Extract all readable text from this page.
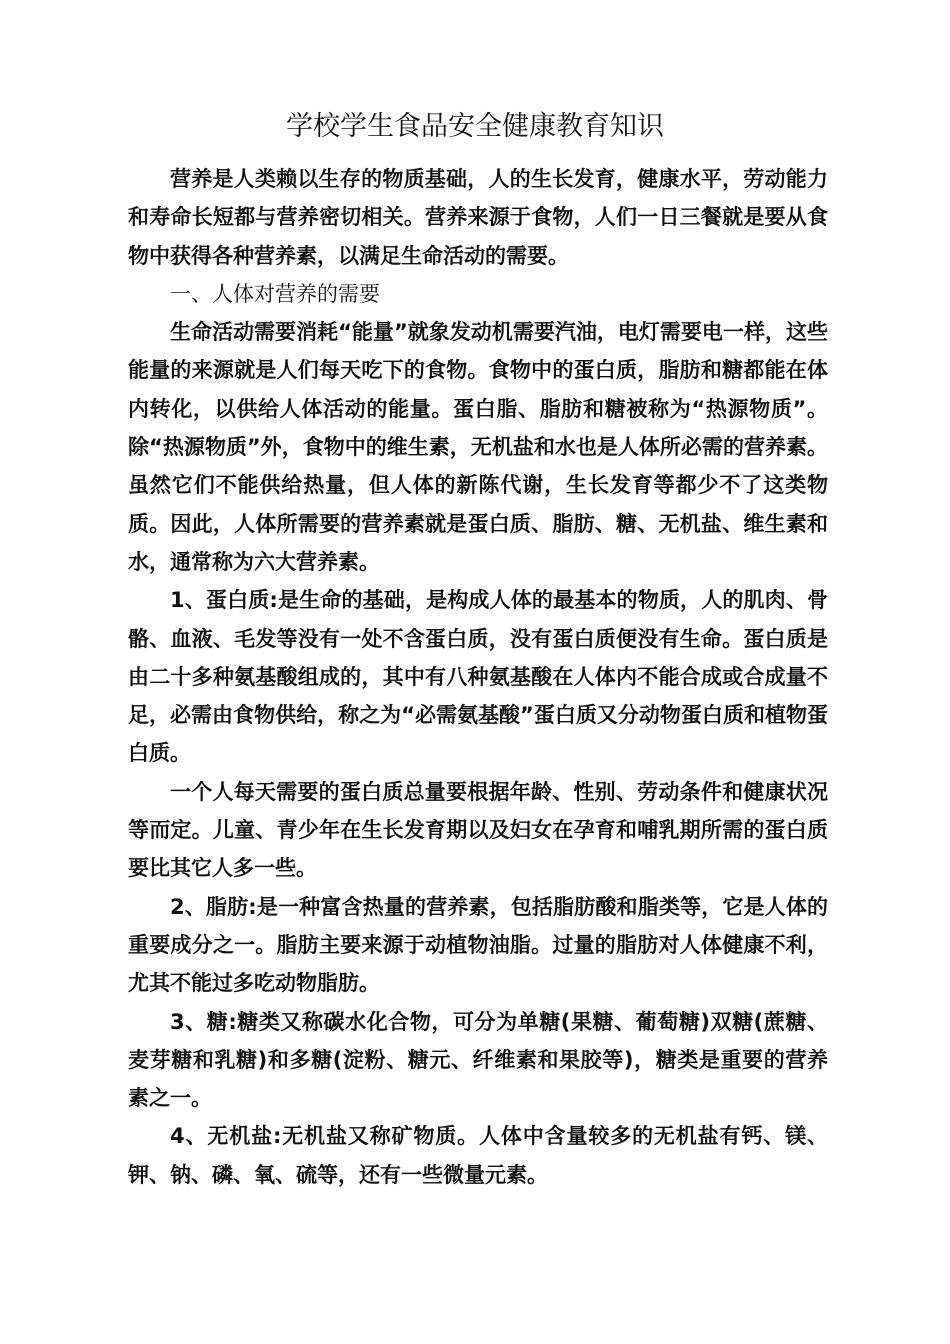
学校学生食品安全健康教育知识

营养是人类赖以生存的物质基础，人的生长发育，健康水平，劳动能力和寿命长短都与营养密切相关。营养来源于食物，人们一日三餐就是要从食物中获得各种营养素，以满足生命活动的需要。

一、人体对营养的需要

生命活动需要消耗“能量”就象发动机需要汽油，电灯需要电一样，这些能量的来源就是人们每天吃下的食物。食物中的蛋白质，脂肪和糖都能在体内转化，以供给人体活动的能量。蛋白脂、脂肪和糖被称为“热源物质”。除“热源物质”外，食物中的维生素，无机盐和水也是人体所必需的营养素。虽然它们不能供给热量，但人体的新陈代谢，生长发育等都少不了这类物质。因此，人体所需要的营养素就是蛋白质、脂肪、糖、无机盐、维生素和水，通常称为六大营养素。

1、蛋白质:是生命的基础，是构成人体的最基本的物质，人的肌肉、骨骼、血液、毛发等没有一处不含蛋白质，没有蛋白质便没有生命。蛋白质是由二十多种氨基酸组成的，其中有八种氨基酸在人体内不能合成或合成量不足，必需由食物供给，称之为“必需氨基酸”蛋白质又分动物蛋白质和植物蛋白质。

一个人每天需要的蛋白质总量要根据年龄、性别、劳动条件和健康状况等而定。儿童、青少年在生长发育期以及妇女在孕育和哺乳期所需的蛋白质要比其它人多一些。

2、脂肪:是一种富含热量的营养素，包括脂肪酸和脂类等，它是人体的重要成分之一。脂肪主要来源于动植物油脂。过量的脂肪对人体健康不利，尤其不能过多吃动物脂肪。

3、糖:糖类又称碳水化合物，可分为单糖(果糖、葡萄糖)双糖(蔗糖、麦芽糖和乳糖)和多糖(淀粉、糖元、纤维素和果胶等)，糖类是重要的营养素之一。

4、无机盐:无机盐又称矿物质。人体中含量较多的无机盐有钙、镁、钾、钠、磷、氧、硫等，还有一些微量元素。
